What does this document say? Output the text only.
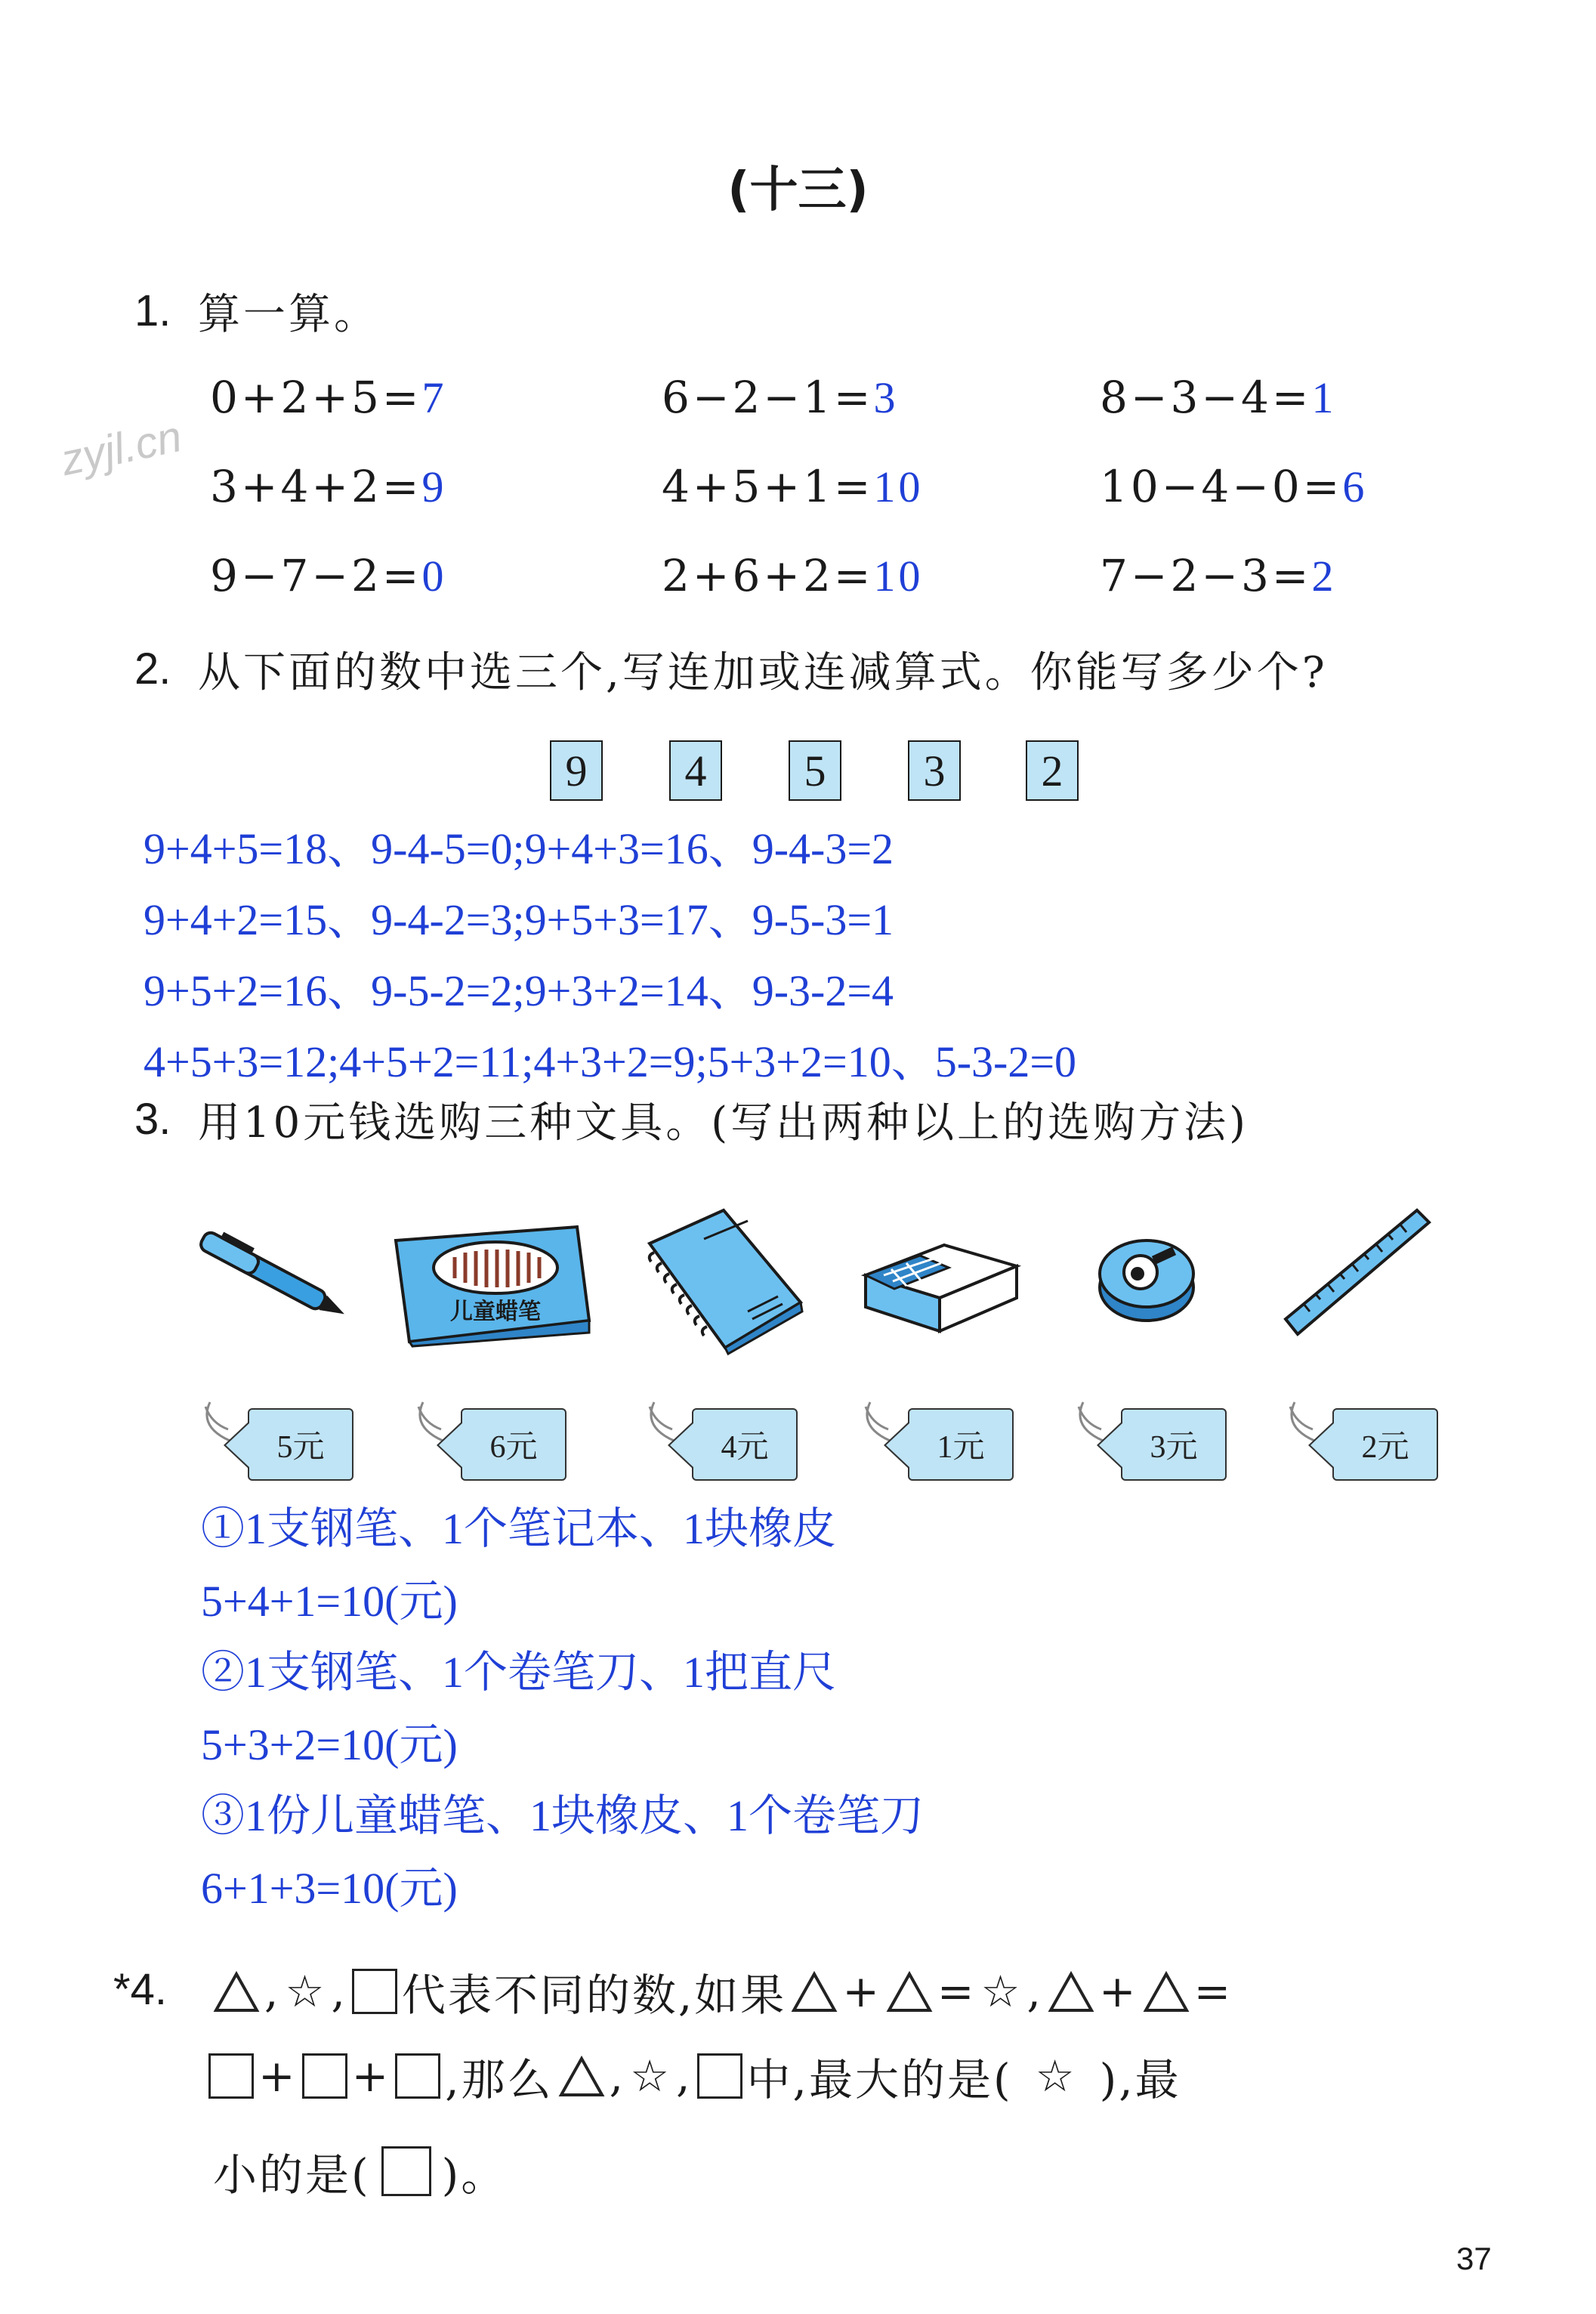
(十三)
zyjl.cn
1. 算一算。
0+2+5=7	6−2−1=3	8−3−4=1
3+4+2=9	4+5+1=10	10−4−0=6
9−7−2=0	2+6+2=10	7−2−3=2
2. 从下面的数中选三个,写连加或连减算式。你能写多少个?
9	4	5	3	2
9+4+5=18、9-4-5=0;9+4+3=16、9-4-3=2
9+4+2=15、9-4-2=3;9+5+3=17、9-5-3=1
9+5+2=16、9-5-2=2;9+3+2=14、9-3-2=4
4+5+3=12;4+5+2=11;4+3+2=9;5+3+2=10、5-3-2=0
3. 用10元钱选购三种文具。(写出两种以上的选购方法)
儿童蜡笔
5元	6元	4元	1元	3元	2元
①1支钢笔、1个笔记本、1块橡皮
5+4+1=10(元)
②1支钢笔、1个卷笔刀、1把直尺
5+3+2=10(元)
③1份儿童蜡笔、1块橡皮、1个卷笔刀
6+1+3=10(元)
*4. , ☆ , 代表不同的数,如果 + = ☆ , + =
+ + ,那么 , ☆ , 中,最大的是( ☆ ),最
小的是( )。
37
